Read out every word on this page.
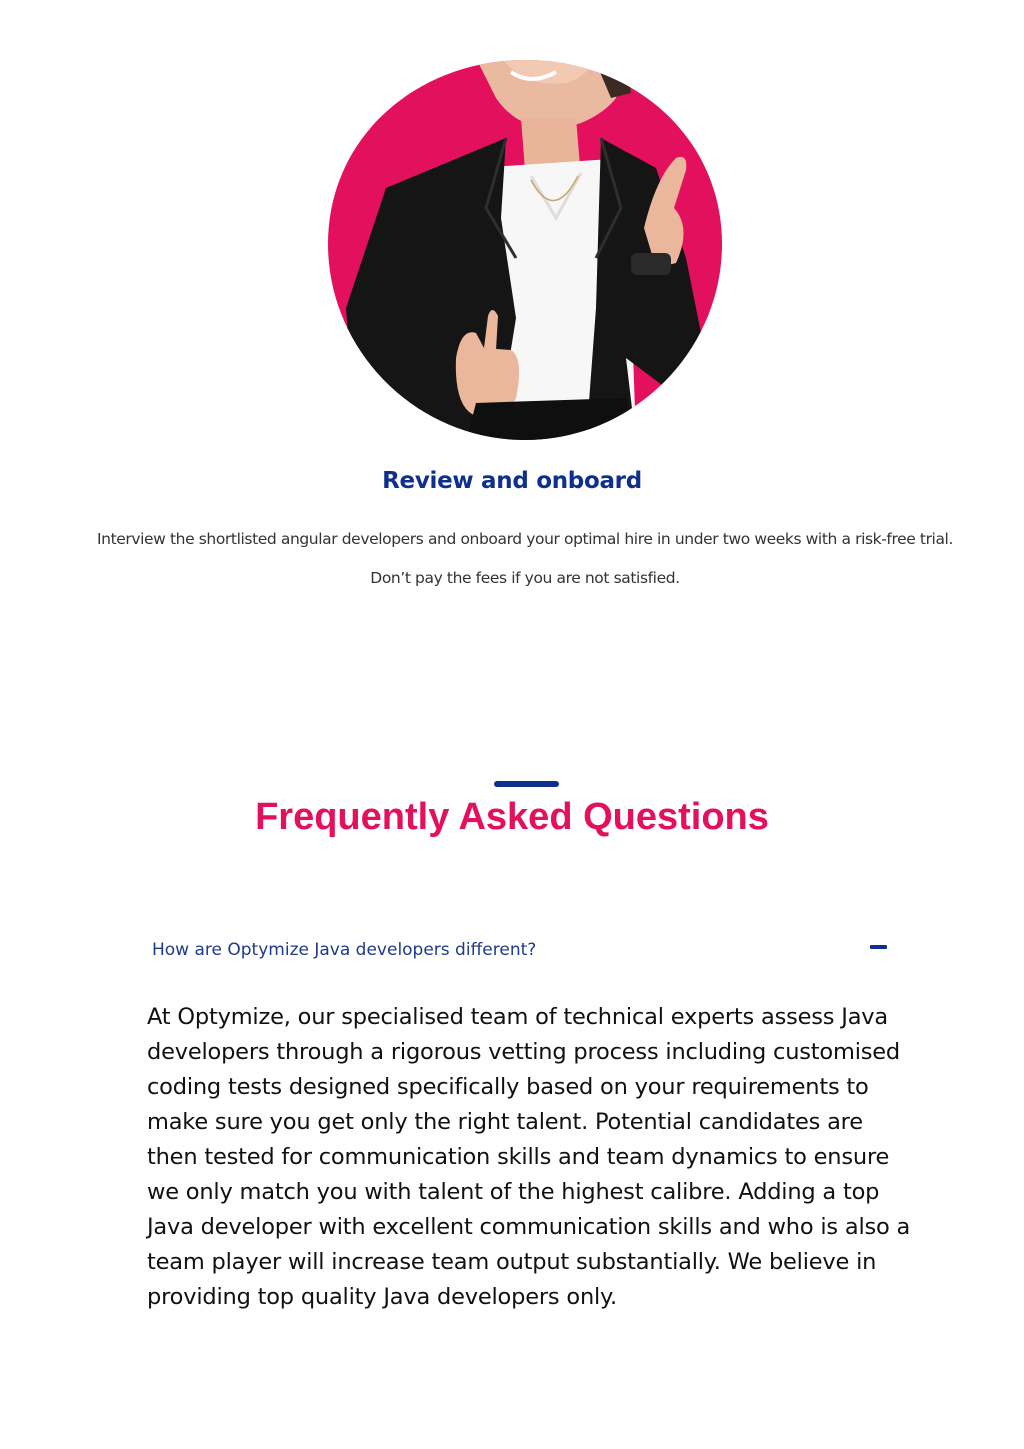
Review and onboard
Interview the shortlisted angular developers and onboard your optimal hire in under two weeks with a risk-free trial. Don’t pay the fees if you are not satisfied.
Frequently Asked Questions
How are Optymize Java developers different?
At Optymize, our specialised team of technical experts assess Java developers through a rigorous vetting process including customised coding tests designed specifically based on your requirements to make sure you get only the right talent. Potential candidates are then tested for communication skills and team dynamics to ensure we only match you with talent of the highest calibre. Adding a top Java developer with excellent communication skills and who is also a team player will increase team output substantially. We believe in providing top quality Java developers only.
